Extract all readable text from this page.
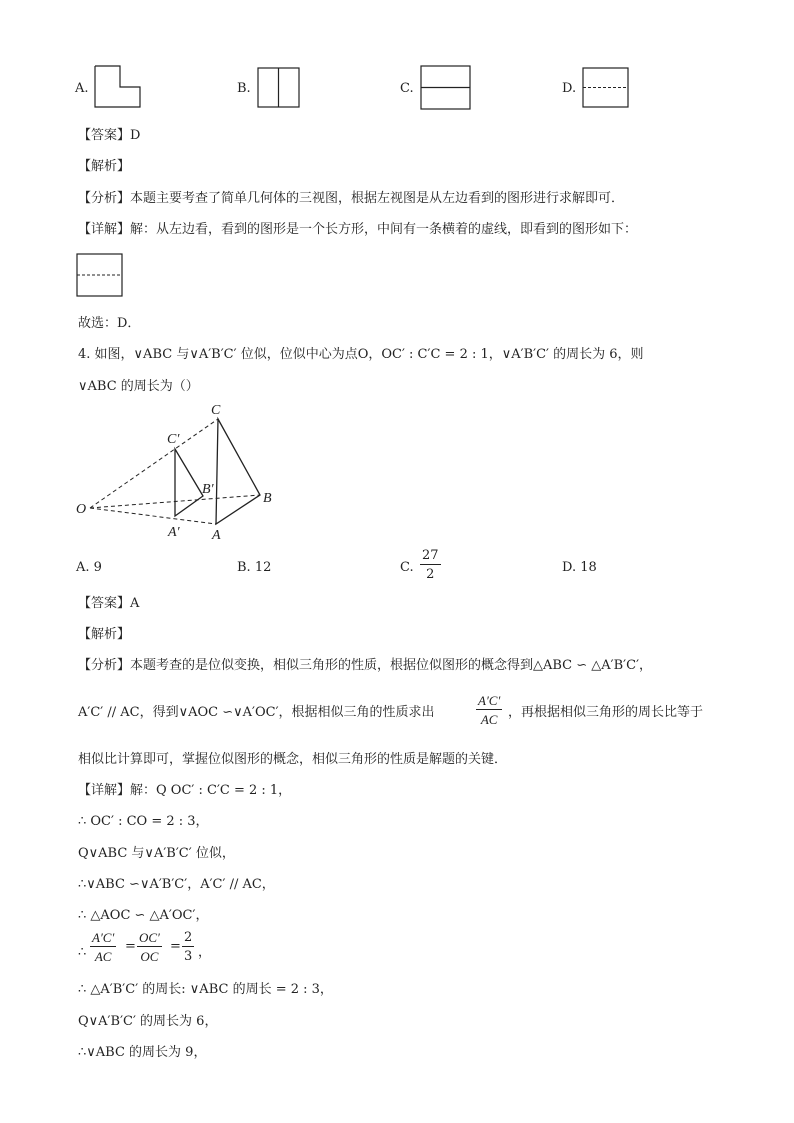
A.	B.	C.	D.
【答案】D
【解析】
【分析】本题主要考查了简单几何体的三视图，根据左视图是从左边看到的图形进行求解即可．
【详解】解：从左边看，看到的图形是一个长方形，中间有一条横着的虚线，即看到的图形如下：
故选：D．
4. 如图，∨ABC 与∨A′B′C′ 位似，位似中心为点O，OC′ : C′C = 2 : 1，∨A′B′C′ 的周长为 6，则
∨ABC 的周长为（）
C
C′
B′
B
O
A′ A
A. 9	B. 12	C. $\frac{27}{2}$	D. 18
【答案】A
【解析】
【分析】本题考查的是位似变换，相似三角形的性质，根据位似图形的概念得到△ABC ∽ △A′B′C′，
A′C′ // AC，得到∨AOC ∽∨A′OC′，根据相似三角的性质求出	$\frac{A'C'}{AC}$ ，再根据相似三角形的周长比等于
相似比计算即可，掌握位似图形的概念，相似三角形的性质是解题的关键．
【详解】解：Q OC′ : C′C = 2 : 1，
∴ OC′ : CO = 2 : 3，
Q∨ABC 与∨A′B′C′ 位似，
∴∨ABC ∽∨A′B′C′，A′C′ // AC，
∴ △AOC ∽ △A′OC′，
∴ $\frac{A'C'}{AC} = \frac{OC'}{OC} = \frac{2}{3}$ ，
∴ △A′B′C′ 的周长: ∨ABC 的周长 = 2 : 3，
Q∨A′B′C′ 的周长为 6，
∴∨ABC 的周长为 9，
